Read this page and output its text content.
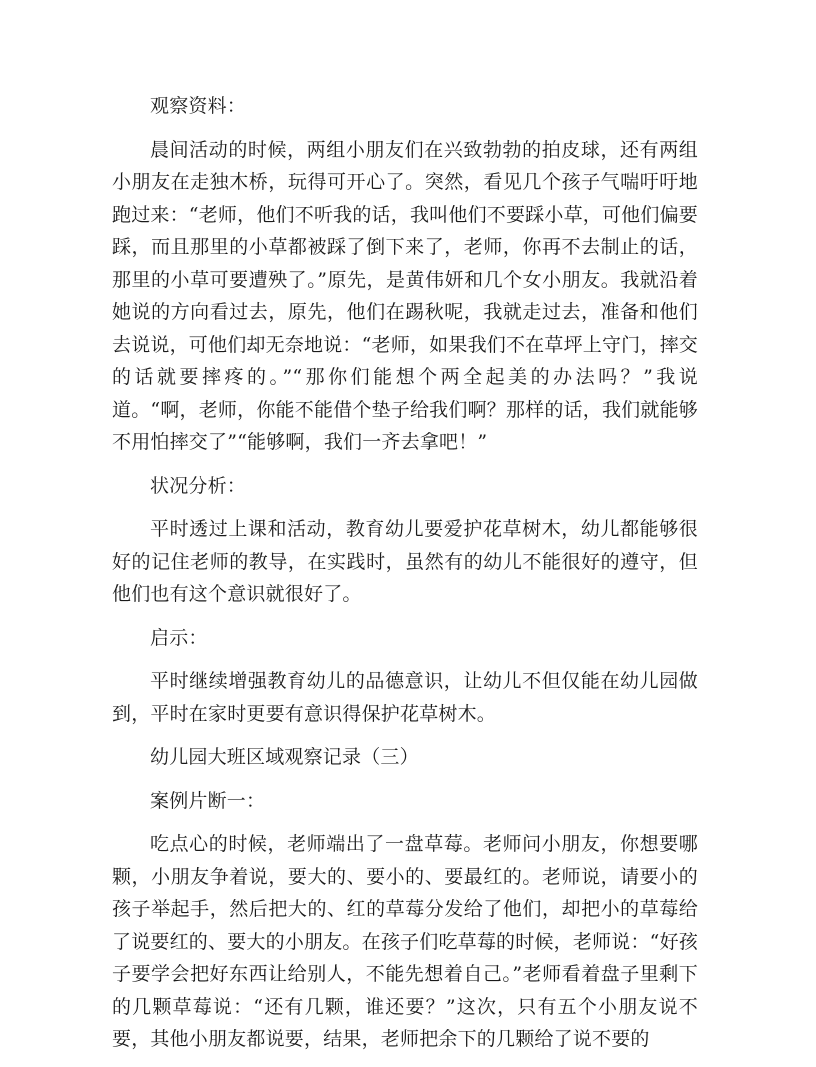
观察资料：

晨间活动的时候，两组小朋友们在兴致勃勃的拍皮球，还有两组小朋友在走独木桥，玩得可开心了。突然，看见几个孩子气喘吁吁地跑过来：“老师，他们不听我的话，我叫他们不要踩小草，可他们偏要踩，而且那里的小草都被踩了倒下来了，老师，你再不去制止的话，那里的小草可要遭殃了。”原先，是黄伟妍和几个女小朋友。我就沿着她说的方向看过去，原先，他们在踢秋呢，我就走过去，准备和他们去说说，可他们却无奈地说：“老师，如果我们不在草坪上守门，摔交的话就要摔疼的。”“那你们能想个两全起美的办法吗？”我说道。“啊，老师，你能不能借个垫子给我们啊？那样的话，我们就能够不用怕摔交了”“能够啊，我们一齐去拿吧！”

状况分析：

平时透过上课和活动，教育幼儿要爱护花草树木，幼儿都能够很好的记住老师的教导，在实践时，虽然有的幼儿不能很好的遵守，但他们也有这个意识就很好了。

启示：

平时继续增强教育幼儿的品德意识，让幼儿不但仅能在幼儿园做到，平时在家时更要有意识得保护花草树木。

幼儿园大班区域观察记录（三）

案例片断一：

吃点心的时候，老师端出了一盘草莓。老师问小朋友，你想要哪颗，小朋友争着说，要大的、要小的、要最红的。老师说，请要小的孩子举起手，然后把大的、红的草莓分发给了他们，却把小的草莓给了说要红的、要大的小朋友。在孩子们吃草莓的时候，老师说：“好孩子要学会把好东西让给别人，不能先想着自己。”老师看着盘子里剩下的几颗草莓说：“还有几颗，谁还要？”这次，只有五个小朋友说不要，其他小朋友都说要，结果，老师把余下的几颗给了说不要的
